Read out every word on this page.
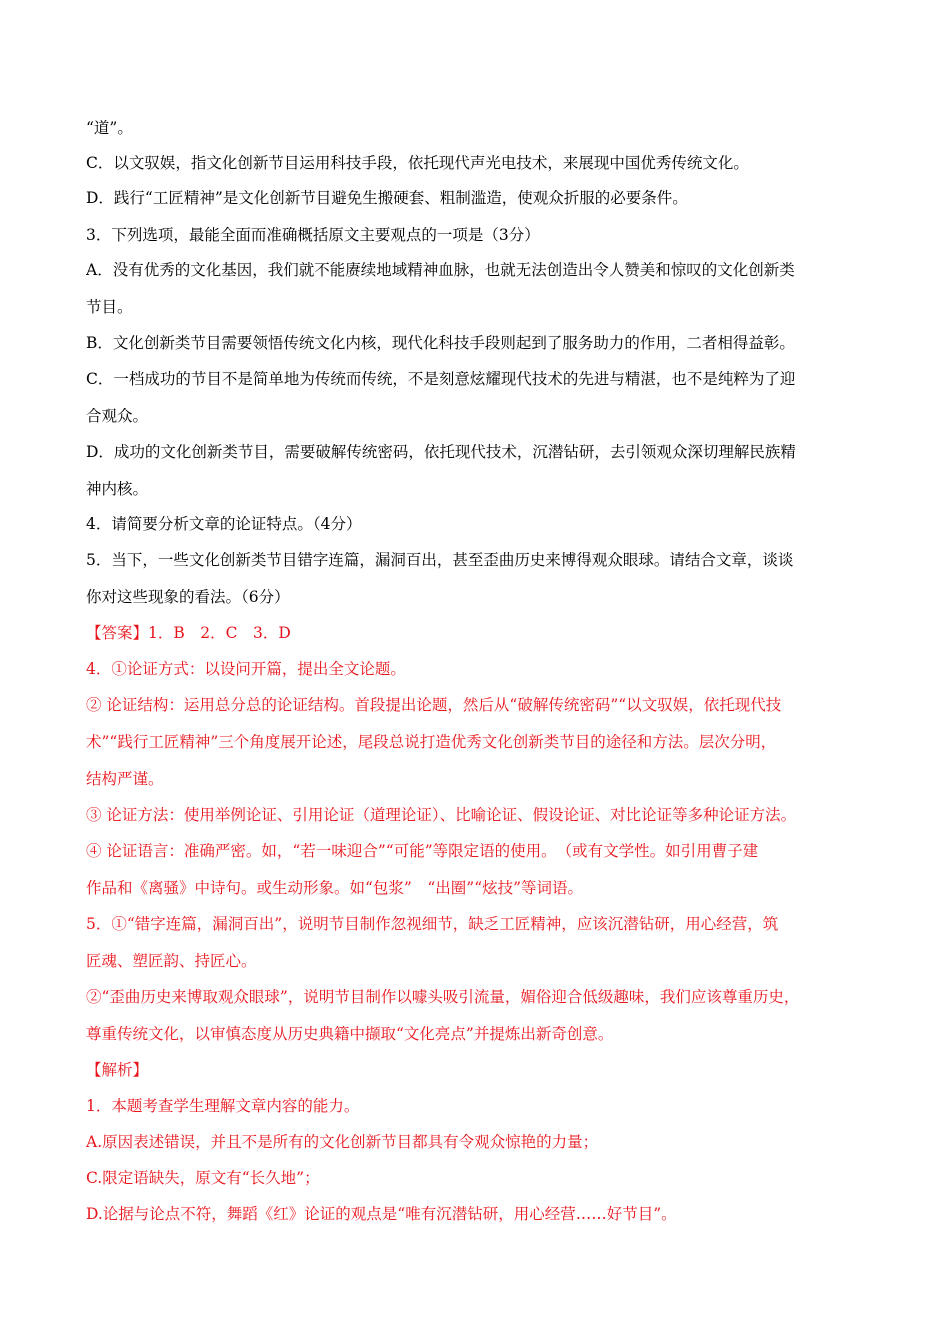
“道”。
C．以文驭娱，指文化创新节目运用科技手段，依托现代声光电技术，来展现中国优秀传统文化。
D．践行“工匠精神”是文化创新节目避免生搬硬套、粗制滥造，使观众折服的必要条件。
3．下列选项，最能全面而准确概括原文主要观点的一项是（3分）
A．没有优秀的文化基因，我们就不能赓续地域精神血脉，也就无法创造出令人赞美和惊叹的文化创新类
节目。
B．文化创新类节目需要领悟传统文化内核，现代化科技手段则起到了服务助力的作用，二者相得益彰。
C．一档成功的节目不是简单地为传统而传统，不是刻意炫耀现代技术的先进与精湛，也不是纯粹为了迎
合观众。
D．成功的文化创新类节目，需要破解传统密码，依托现代技术，沉潜钻研，去引领观众深切理解民族精
神内核。
4．请简要分析文章的论证特点。（4分）
5．当下，一些文化创新类节目错字连篇，漏洞百出，甚至歪曲历史来博得观众眼球。请结合文章，谈谈
你对这些现象的看法。（6分）
【答案】1．B　2．C　3．D
4．①论证方式：以设问开篇，提出全文论题。
② 论证结构：运用总分总的论证结构。首段提出论题，然后从“破解传统密码”“以文驭娱，依托现代技
术”“践行工匠精神”三个角度展开论述，尾段总说打造优秀文化创新类节目的途径和方法。层次分明，
结构严谨。
③ 论证方法：使用举例论证、引用论证（道理论证）、比喻论证、假设论证、对比论证等多种论证方法。
④ 论证语言：准确严密。如，“若一味迎合”“可能”等限定语的使用。　（或有文学性。如引用曹子建
作品和《离骚》中诗句。或生动形象。如“包浆”　“出圈”“炫技”等词语。
5．①“错字连篇，漏洞百出”，说明节目制作忽视细节，缺乏工匠精神，应该沉潜钻研，用心经营，筑
匠魂、塑匠韵、持匠心。
②“歪曲历史来博取观众眼球”，说明节目制作以噱头吸引流量，媚俗迎合低级趣味，我们应该尊重历史，
尊重传统文化，以审慎态度从历史典籍中撷取“文化亮点”并提炼出新奇创意。
【解析】
1．本题考查学生理解文章内容的能力。
A.原因表述错误，并且不是所有的文化创新节目都具有令观众惊艳的力量；
C.限定语缺失，原文有“长久地”；
D.论据与论点不符，舞蹈《红》论证的观点是“唯有沉潜钻研，用心经营……好节目”。
